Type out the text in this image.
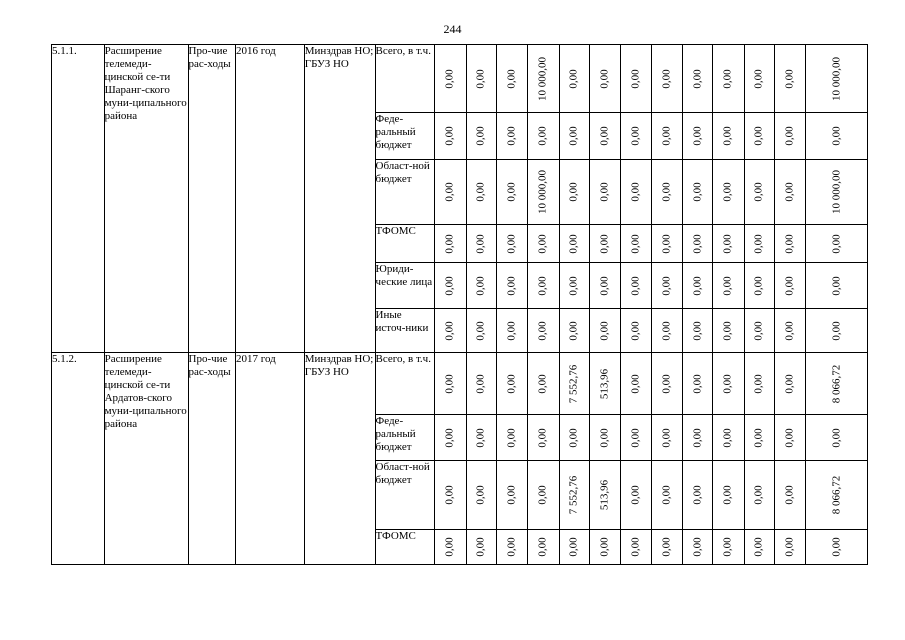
244
5.1.1.	Расширение телемеди-цинской се-ти Шаранг-ского муни-ципального района	Про-чие рас-ходы	2016 год	Минздрав НО; ГБУЗ НО	Всего, в т.ч.	0,00	0,00	0,00	10 000,00	0,00	0,00	0,00	0,00	0,00	0,00	0,00	0,00	10 000,00

					Феде-ральный бюджет	0,00	0,00	0,00	0,00	0,00	0,00	0,00	0,00	0,00	0,00	0,00	0,00	0,00

					Област-ной бюджет	0,00	0,00	0,00	10 000,00	0,00	0,00	0,00	0,00	0,00	0,00	0,00	0,00	10 000,00

					ТФОМС	0,00	0,00	0,00	0,00	0,00	0,00	0,00	0,00	0,00	0,00	0,00	0,00	0,00

					Юриди-ческие лица	0,00	0,00	0,00	0,00	0,00	0,00	0,00	0,00	0,00	0,00	0,00	0,00	0,00

					Иные источ-ники	0,00	0,00	0,00	0,00	0,00	0,00	0,00	0,00	0,00	0,00	0,00	0,00	0,00

5.1.2.	Расширение телемеди-цинской се-ти Ардатов-ского муни-ципального района	Про-чие рас-ходы	2017 год	Минздрав НО; ГБУЗ НО	Всего, в т.ч.	0,00	0,00	0,00	0,00	7 552,76	513,96	0,00	0,00	0,00	0,00	0,00	0,00	8 066,72

					Феде-ральный бюджет	0,00	0,00	0,00	0,00	0,00	0,00	0,00	0,00	0,00	0,00	0,00	0,00	0,00

					Област-ной бюджет	0,00	0,00	0,00	0,00	7 552,76	513,96	0,00	0,00	0,00	0,00	0,00	0,00	8 066,72

					ТФОМС	0,00	0,00	0,00	0,00	0,00	0,00	0,00	0,00	0,00	0,00	0,00	0,00	0,00
